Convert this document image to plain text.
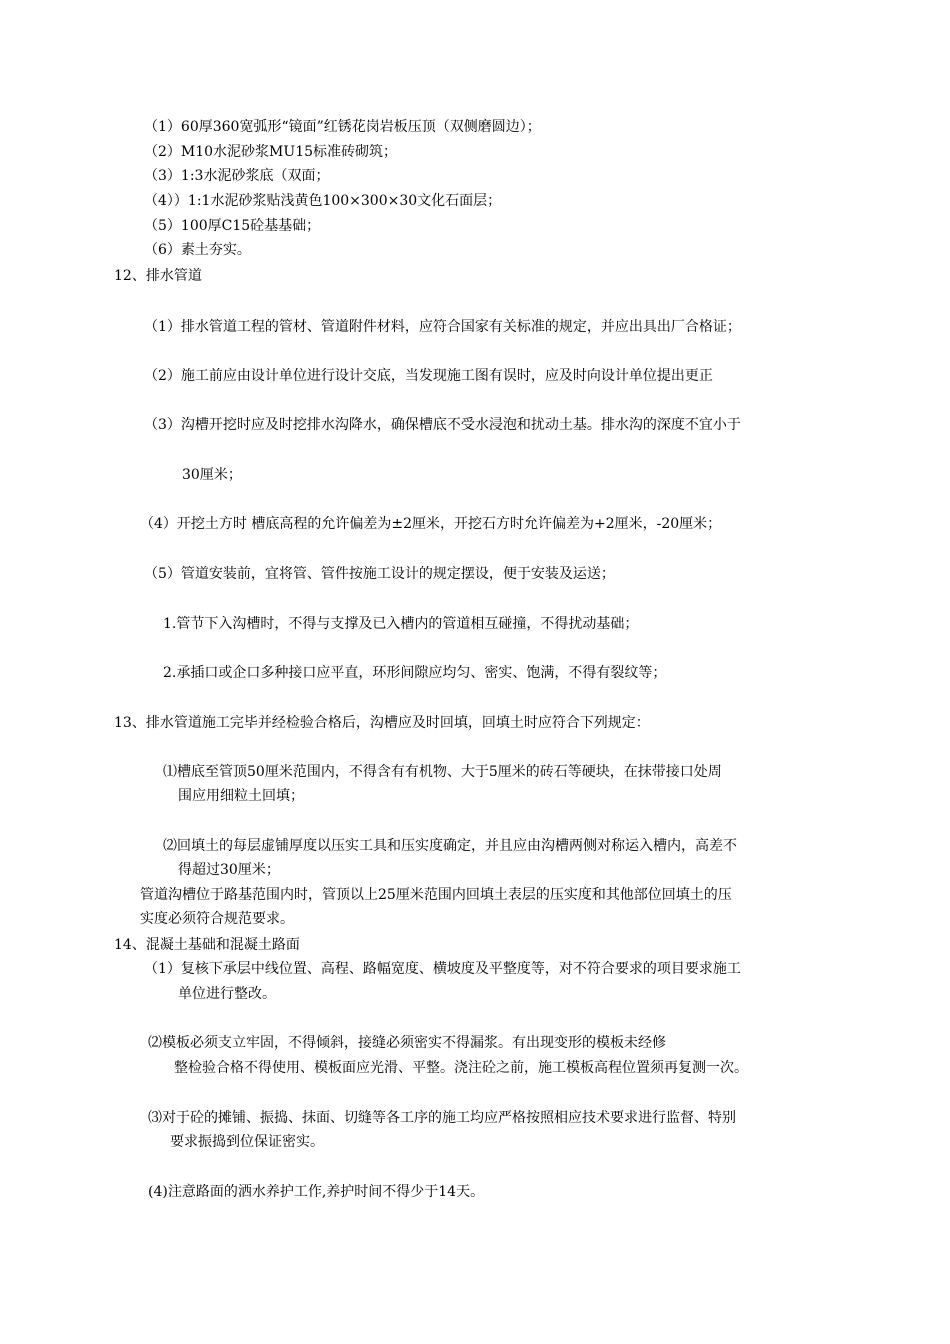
（1）60厚360宽弧形“镜面”红锈花岗岩板压顶（双侧磨圆边）；
（2）M10水泥砂浆MU15标准砖砌筑；
（3）1:3水泥砂浆底（双面；
（4））1:1水泥砂浆贴浅黄色100×300×30文化石面层；
（5）100厚C15砼基基础；
（6）素土夯实。
12、排水管道
（1）排水管道工程的管材、管道附件材料，应符合国家有关标准的规定，并应出具出厂合格证；
（2）施工前应由设计单位进行设计交底，当发现施工图有误时，应及时向设计单位提出更正
（3）沟槽开挖时应及时挖排水沟降水，确保槽底不受水浸泡和扰动土基。排水沟的深度不宜小于
30厘米；
（4）开挖土方时 槽底高程的允许偏差为±2厘米，开挖石方时允许偏差为+2厘米，-20厘米；
（5）管道安装前，宜将管、管件按施工设计的规定摆设，便于安装及运送；
1.管节下入沟槽时，不得与支撑及已入槽内的管道相互碰撞，不得扰动基础；
2.承插口或企口多种接口应平直，环形间隙应均匀、密实、饱满，不得有裂纹等；
13、排水管道施工完毕并经检验合格后，沟槽应及时回填，回填土时应符合下列规定：
⑴槽底至管顶50厘米范围内，不得含有有机物、大于5厘米的砖石等硬块，在抹带接口处周
围应用细粒土回填；
⑵回填土的每层虚铺厚度以压实工具和压实度确定，并且应由沟槽两侧对称运入槽内，高差不
得超过30厘米；
管道沟槽位于路基范围内时，管顶以上25厘米范围内回填土表层的压实度和其他部位回填土的压
实度必须符合规范要求。
14、混凝土基础和混凝土路面
（1）复核下承层中线位置、高程、路幅宽度、横坡度及平整度等，对不符合要求的项目要求施工
单位进行整改。
⑵模板必须支立牢固，不得倾斜，接缝必须密实不得漏浆。有出现变形的模板未经修
整检验合格不得使用、模板面应光滑、平整。浇注砼之前，施工模板高程位置须再复测一次。
⑶对于砼的摊铺、振捣、抹面、切缝等各工序的施工均应严格按照相应技术要求进行监督、特别
要求振捣到位保证密实。
(4)注意路面的洒水养护工作,养护时间不得少于14天。
